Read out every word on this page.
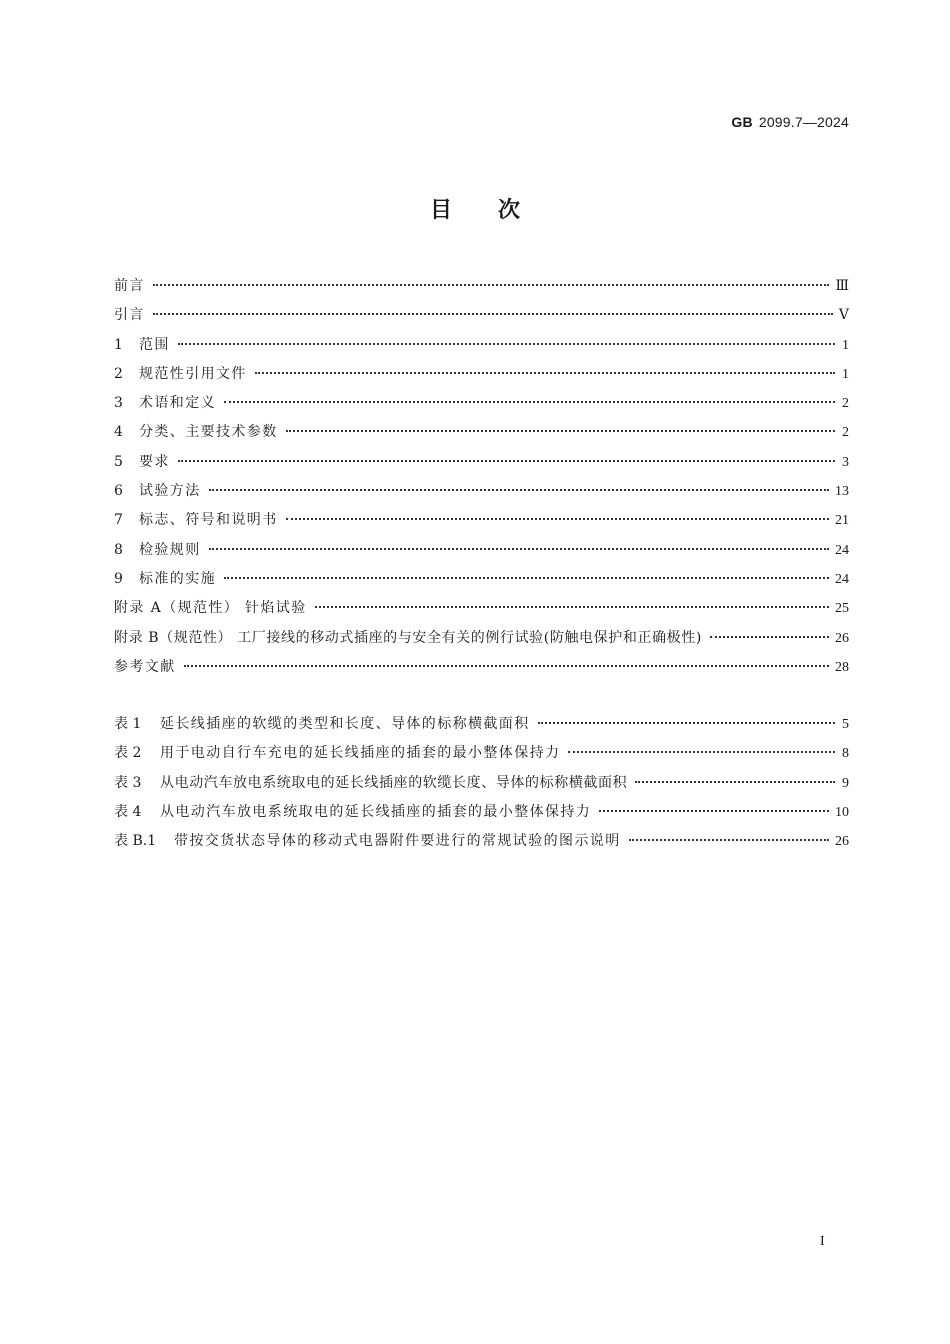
GB 2099.7—2024
目次
前言	Ⅲ
引言	Ⅴ
1	范围	1
2	规范性引用文件	1
3	术语和定义	2
4	分类、主要技术参数	2
5	要求	3
6	试验方法	13
7	标志、符号和说明书	21
8	检验规则	24
9	标准的实施	24
附录 A（规范性） 针焰试验	25
附录 B（规范性） 工厂接线的移动式插座的与安全有关的例行试验(防触电保护和正确极性)	26
参考文献	28
表 1	延长线插座的软缆的类型和长度、导体的标称横截面积	5
表 2	用于电动自行车充电的延长线插座的插套的最小整体保持力	8
表 3	从电动汽车放电系统取电的延长线插座的软缆长度、导体的标称横截面积	9
表 4	从电动汽车放电系统取电的延长线插座的插套的最小整体保持力	10
表 B.1	带按交货状态导体的移动式电器附件要进行的常规试验的图示说明	26
I
